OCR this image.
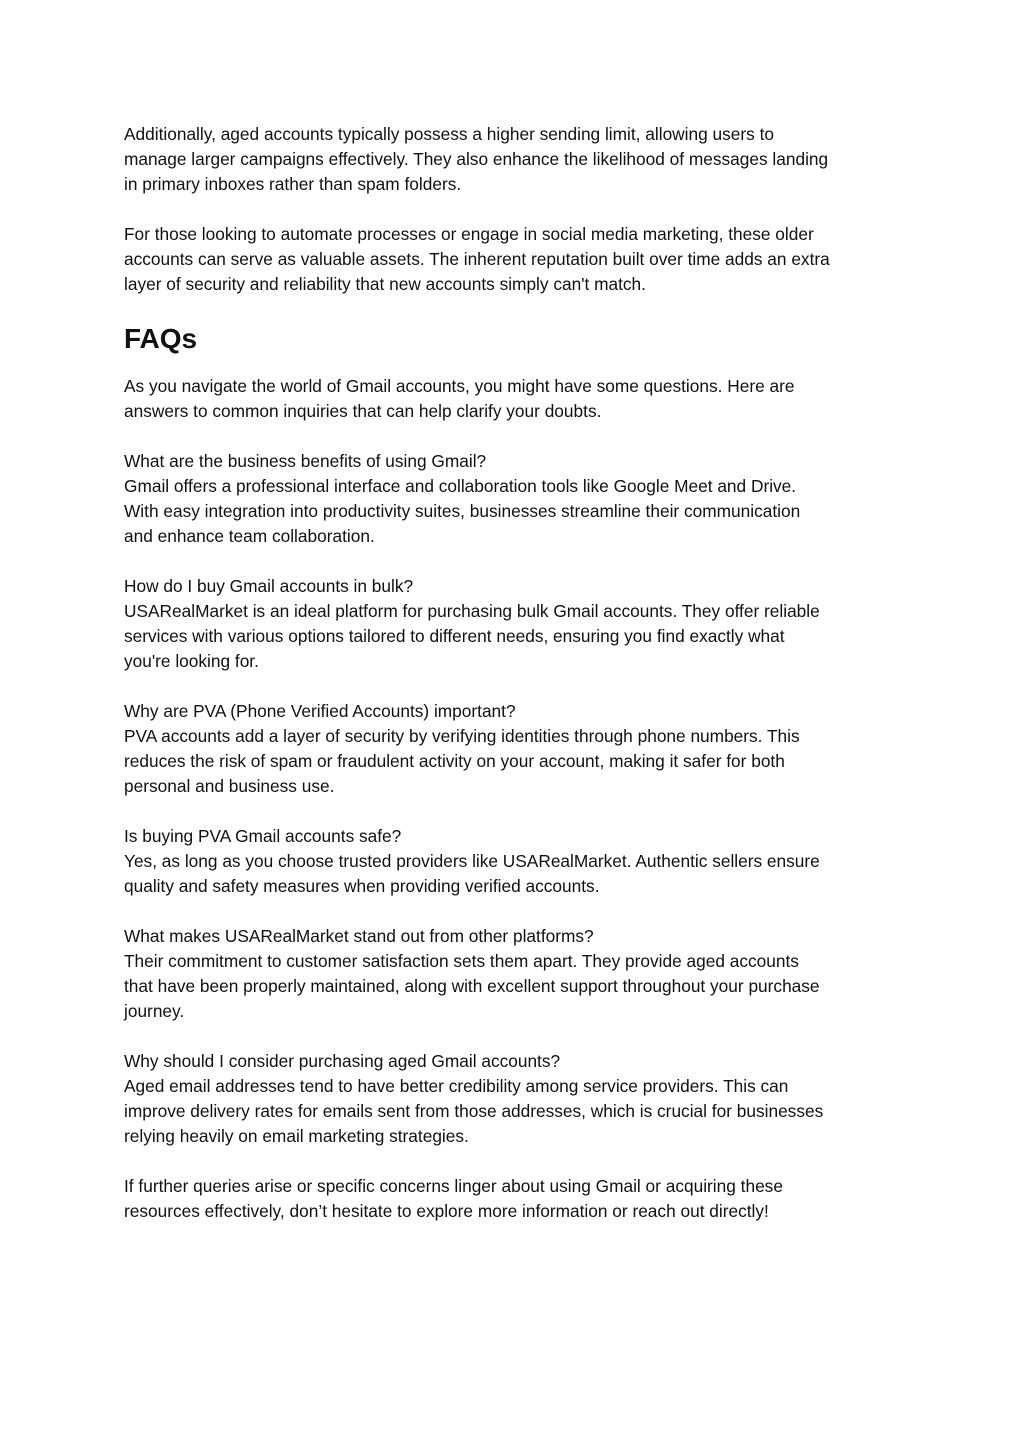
Additionally, aged accounts typically possess a higher sending limit, allowing users to
manage larger campaigns effectively. They also enhance the likelihood of messages landing
in primary inboxes rather than spam folders.

For those looking to automate processes or engage in social media marketing, these older
accounts can serve as valuable assets. The inherent reputation built over time adds an extra
layer of security and reliability that new accounts simply can't match.

FAQs

As you navigate the world of Gmail accounts, you might have some questions. Here are
answers to common inquiries that can help clarify your doubts.

What are the business benefits of using Gmail?
Gmail offers a professional interface and collaboration tools like Google Meet and Drive.
With easy integration into productivity suites, businesses streamline their communication
and enhance team collaboration.
How do I buy Gmail accounts in bulk?
USARealMarket is an ideal platform for purchasing bulk Gmail accounts. They offer reliable
services with various options tailored to different needs, ensuring you find exactly what
you're looking for.
Why are PVA (Phone Verified Accounts) important?
PVA accounts add a layer of security by verifying identities through phone numbers. This
reduces the risk of spam or fraudulent activity on your account, making it safer for both
personal and business use.
Is buying PVA Gmail accounts safe?
Yes, as long as you choose trusted providers like USARealMarket. Authentic sellers ensure
quality and safety measures when providing verified accounts.
What makes USARealMarket stand out from other platforms?
Their commitment to customer satisfaction sets them apart. They provide aged accounts
that have been properly maintained, along with excellent support throughout your purchase
journey.
Why should I consider purchasing aged Gmail accounts?
Aged email addresses tend to have better credibility among service providers. This can
improve delivery rates for emails sent from those addresses, which is crucial for businesses
relying heavily on email marketing strategies.

If further queries arise or specific concerns linger about using Gmail or acquiring these
resources effectively, don’t hesitate to explore more information or reach out directly!
